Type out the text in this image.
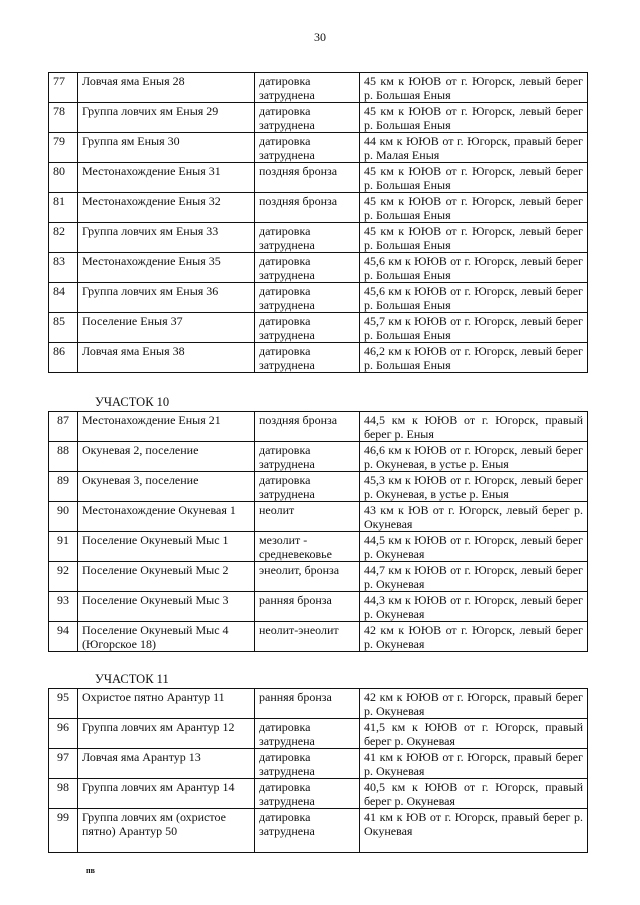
30
77	Ловчая яма Еныя 28	датировка затруднена	45 км к ЮЮВ от г. Югорск, левый берег р. Большая Еныя
78	Группа ловчих ям Еныя 29	датировка затруднена	45 км к ЮЮВ от г. Югорск, левый берег р. Большая Еныя
79	Группа ям Еныя 30	датировка затруднена	44 км к ЮЮВ от г. Югорск, правый берег р. Малая Еныя
80	Местонахождение Еныя 31	поздняя бронза	45 км к ЮЮВ от г. Югорск, левый берег р. Большая Еныя
81	Местонахождение Еныя 32	поздняя бронза	45 км к ЮЮВ от г. Югорск, левый берег р. Большая Еныя
82	Группа ловчих ям Еныя 33	датировка затруднена	45 км к ЮЮВ от г. Югорск, левый берег р. Большая Еныя
83	Местонахождение Еныя 35	датировка затруднена	45,6 км к ЮЮВ от г. Югорск, левый берег р. Большая Еныя
84	Группа ловчих ям Еныя 36	датировка затруднена	45,6 км к ЮЮВ от г. Югорск, левый берег р. Большая Еныя
85	Поселение Еныя 37	датировка затруднена	45,7 км к ЮЮВ от г. Югорск, левый берег р. Большая Еныя
86	Ловчая яма Еныя 38	датировка затруднена	46,2 км к ЮЮВ от г. Югорск, левый берег р. Большая Еныя
УЧАСТОК 10
87	Местонахождение Еныя 21	поздняя бронза	44,5 км к ЮЮВ от г. Югорск, правый берег р. Еныя
88	Окуневая 2, поселение	датировка затруднена	46,6 км к ЮЮВ от г. Югорск, левый берег р. Окуневая, в устье р. Еныя
89	Окуневая 3, поселение	датировка затруднена	45,3 км к ЮЮВ от г. Югорск, левый берег р. Окуневая, в устье р. Еныя
90	Местонахождение Окуневая 1	неолит	43 км к ЮВ от г. Югорск, левый берег р. Окуневая
91	Поселение Окуневый Мыс 1	мезолит - средневековье	44,5 км к ЮЮВ от г. Югорск, левый берег р. Окуневая
92	Поселение Окуневый Мыс 2	энеолит, бронза	44,7 км к ЮЮВ от г. Югорск, левый берег р. Окуневая
93	Поселение Окуневый Мыс 3	ранняя бронза	44,3 км к ЮЮВ от г. Югорск, левый берег р. Окуневая
94	Поселение Окуневый Мыс 4 (Югорское 18)	неолит-энеолит	42 км к ЮЮВ от г. Югорск, левый берег р. Окуневая
УЧАСТОК 11
95	Охристое пятно Арантур 11	ранняя бронза	42 км к ЮЮВ от г. Югорск, правый берег р. Окуневая
96	Группа ловчих ям Арантур 12	датировка затруднена	41,5 км к ЮЮВ от г. Югорск, правый берег р. Окуневая
97	Ловчая яма Арантур 13	датировка затруднена	41 км к ЮЮВ от г. Югорск, правый берег р. Окуневая
98	Группа ловчих ям Арантур 14	датировка затруднена	40,5 км к ЮЮВ от г. Югорск, правый берег р. Окуневая
99	Группа ловчих ям (охристое пятно) Арантур 50	датировка затруднена	41 км к ЮВ от г. Югорск, правый берег р. Окуневая
пв
